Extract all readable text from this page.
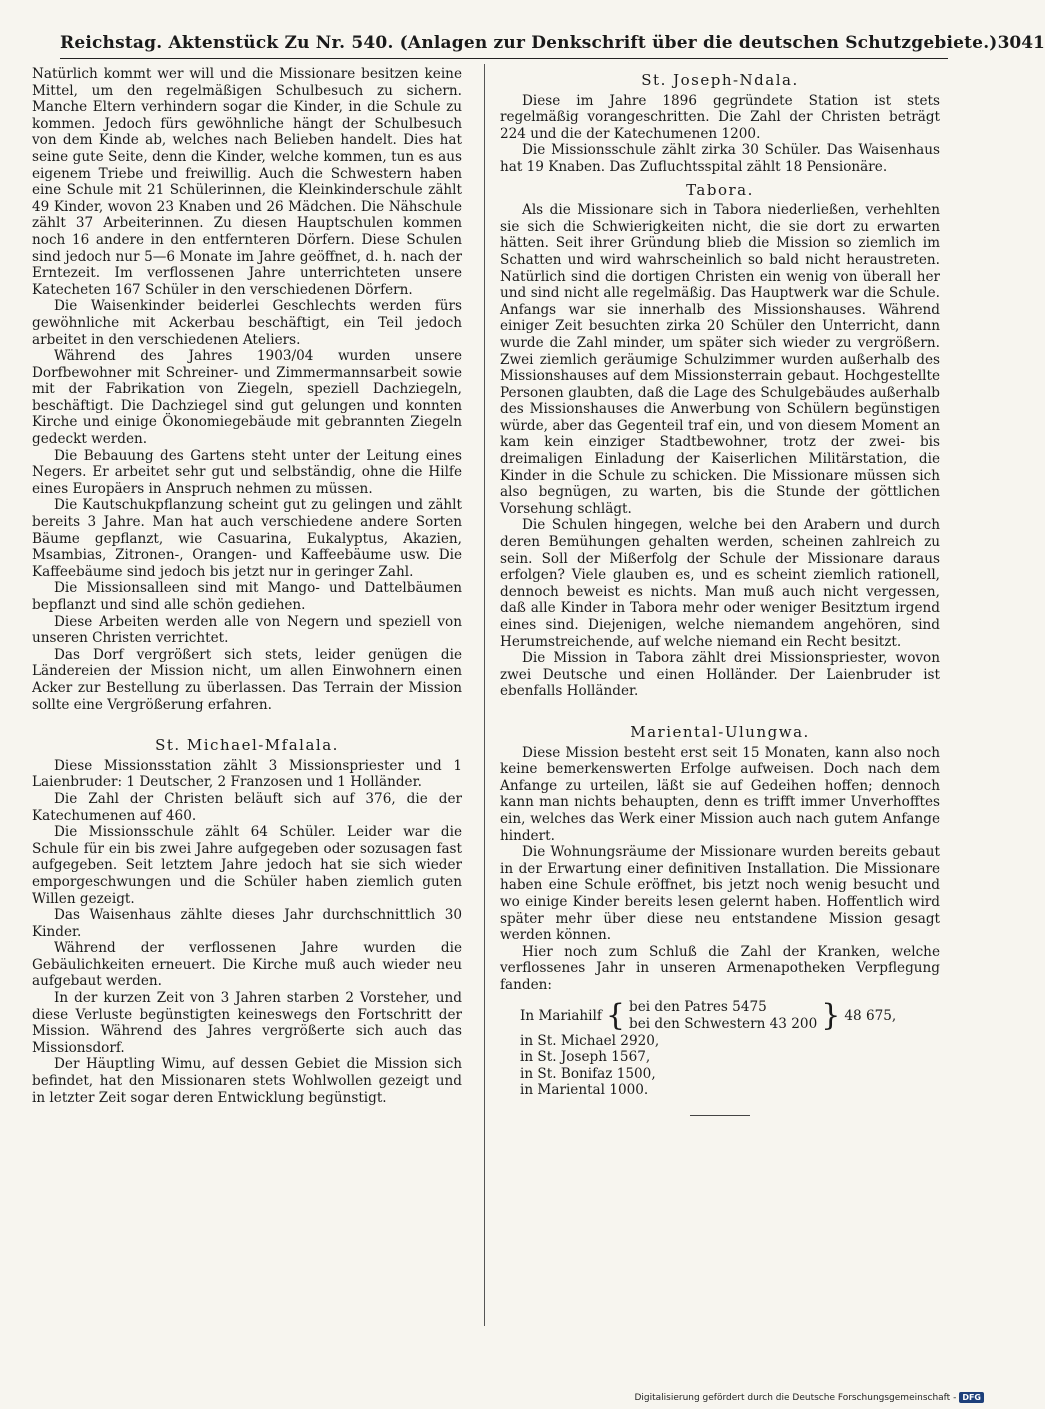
Reichstag. Aktenstück Zu Nr. 540. (Anlagen zur Denkschrift über die deutschen Schutzgebiete.) 3041

Natürlich kommt wer will und die Missionare besitzen keine Mittel, um den regelmäßigen Schulbesuch zu sichern. Manche Eltern verhindern sogar die Kinder, in die Schule zu kommen. Jedoch fürs gewöhnliche hängt der Schulbesuch von dem Kinde ab, welches nach Belieben handelt. Dies hat seine gute Seite, denn die Kinder, welche kommen, tun es aus eigenem Triebe und freiwillig. Auch die Schwestern haben eine Schule mit 21 Schülerinnen, die Kleinkinderschule zählt 49 Kinder, wovon 23 Knaben und 26 Mädchen. Die Nähschule zählt 37 Arbeiterinnen. Zu diesen Hauptschulen kommen noch 16 andere in den entfernteren Dörfern. Diese Schulen sind jedoch nur 5—6 Monate im Jahre geöffnet, d. h. nach der Erntezeit. Im verflossenen Jahre unterrichteten unsere Katecheten 167 Schüler in den verschiedenen Dörfern.

Die Waisenkinder beiderlei Geschlechts werden fürs gewöhnliche mit Ackerbau beschäftigt, ein Teil jedoch arbeitet in den verschiedenen Ateliers.

Während des Jahres 1903/04 wurden unsere Dorfbewohner mit Schreiner- und Zimmermannsarbeit sowie mit der Fabrikation von Ziegeln, speziell Dachziegeln, beschäftigt. Die Dachziegel sind gut gelungen und konnten Kirche und einige Ökonomiegebäude mit gebrannten Ziegeln gedeckt werden.

Die Bebauung des Gartens steht unter der Leitung eines Negers. Er arbeitet sehr gut und selbständig, ohne die Hilfe eines Europäers in Anspruch nehmen zu müssen.

Die Kautschukpflanzung scheint gut zu gelingen und zählt bereits 3 Jahre. Man hat auch verschiedene andere Sorten Bäume gepflanzt, wie Casuarina, Eukalyptus, Akazien, Msambias, Zitronen-, Orangen- und Kaffeebäume usw. Die Kaffeebäume sind jedoch bis jetzt nur in geringer Zahl.

Die Missionsalleen sind mit Mango- und Dattelbäumen bepflanzt und sind alle schön gediehen.

Diese Arbeiten werden alle von Negern und speziell von unseren Christen verrichtet.

Das Dorf vergrößert sich stets, leider genügen die Ländereien der Mission nicht, um allen Einwohnern einen Acker zur Bestellung zu überlassen. Das Terrain der Mission sollte eine Vergrößerung erfahren.

St. Michael-Mfalala.

Diese Missionsstation zählt 3 Missionspriester und 1 Laienbruder: 1 Deutscher, 2 Franzosen und 1 Holländer.

Die Zahl der Christen beläuft sich auf 376, die der Katechumenen auf 460.

Die Missionsschule zählt 64 Schüler. Leider war die Schule für ein bis zwei Jahre aufgegeben oder sozusagen fast aufgegeben. Seit letztem Jahre jedoch hat sie sich wieder emporgeschwungen und die Schüler haben ziemlich guten Willen gezeigt.

Das Waisenhaus zählte dieses Jahr durchschnittlich 30 Kinder.

Während der verflossenen Jahre wurden die Gebäulichkeiten erneuert. Die Kirche muß auch wieder neu aufgebaut werden.

In der kurzen Zeit von 3 Jahren starben 2 Vorsteher, und diese Verluste begünstigten keineswegs den Fortschritt der Mission. Während des Jahres vergrößerte sich auch das Missionsdorf.

Der Häuptling Wimu, auf dessen Gebiet die Mission sich befindet, hat den Missionaren stets Wohlwollen gezeigt und in letzter Zeit sogar deren Entwicklung begünstigt.

St. Joseph-Ndala.

Diese im Jahre 1896 gegründete Station ist stets regelmäßig vorangeschritten. Die Zahl der Christen beträgt 224 und die der Katechumenen 1200.

Die Missionsschule zählt zirka 30 Schüler. Das Waisenhaus hat 19 Knaben. Das Zufluchtsspital zählt 18 Pensionäre.

Tabora.

Als die Missionare sich in Tabora niederließen, verhehlten sie sich die Schwierigkeiten nicht, die sie dort zu erwarten hätten. Seit ihrer Gründung blieb die Mission so ziemlich im Schatten und wird wahrscheinlich so bald nicht heraustreten. Natürlich sind die dortigen Christen ein wenig von überall her und sind nicht alle regelmäßig. Das Hauptwerk war die Schule. Anfangs war sie innerhalb des Missionshauses. Während einiger Zeit besuchten zirka 20 Schüler den Unterricht, dann wurde die Zahl minder, um später sich wieder zu vergrößern. Zwei ziemlich geräumige Schulzimmer wurden außerhalb des Missionshauses auf dem Missionsterrain gebaut. Hochgestellte Personen glaubten, daß die Lage des Schulgebäudes außerhalb des Missionshauses die Anwerbung von Schülern begünstigen würde, aber das Gegenteil traf ein, und von diesem Moment an kam kein einziger Stadtbewohner, trotz der zwei- bis dreimaligen Einladung der Kaiserlichen Militärstation, die Kinder in die Schule zu schicken. Die Missionare müssen sich also begnügen, zu warten, bis die Stunde der göttlichen Vorsehung schlägt.

Die Schulen hingegen, welche bei den Arabern und durch deren Bemühungen gehalten werden, scheinen zahlreich zu sein. Soll der Mißerfolg der Schule der Missionare daraus erfolgen? Viele glauben es, und es scheint ziemlich rationell, dennoch beweist es nichts. Man muß auch nicht vergessen, daß alle Kinder in Tabora mehr oder weniger Besitztum irgend eines sind. Diejenigen, welche niemandem angehören, sind Herumstreichende, auf welche niemand ein Recht besitzt.

Die Mission in Tabora zählt drei Missionspriester, wovon zwei Deutsche und einen Holländer. Der Laienbruder ist ebenfalls Holländer.

Mariental-Ulungwa.

Diese Mission besteht erst seit 15 Monaten, kann also noch keine bemerkenswerten Erfolge aufweisen. Doch nach dem Anfange zu urteilen, läßt sie auf Gedeihen hoffen; dennoch kann man nichts behaupten, denn es trifft immer Unverhofftes ein, welches das Werk einer Mission auch nach gutem Anfange hindert.

Die Wohnungsräume der Missionare wurden bereits gebaut in der Erwartung einer definitiven Installation. Die Missionare haben eine Schule eröffnet, bis jetzt noch wenig besucht und wo einige Kinder bereits lesen gelernt haben. Hoffentlich wird später mehr über diese neu entstandene Mission gesagt werden können.

Hier noch zum Schluß die Zahl der Kranken, welche verflossenes Jahr in unseren Armenapotheken Verpflegung fanden:

In Mariahilf { bei den Patres 5475
bei den Schwestern 43 200 } 48 675,
in St. Michael 2920,
in St. Joseph 1567,
in St. Bonifaz 1500,
in Mariental 1000.
Digitalisierung gefördert durch die Deutsche Forschungsgemeinschaft - DFG
